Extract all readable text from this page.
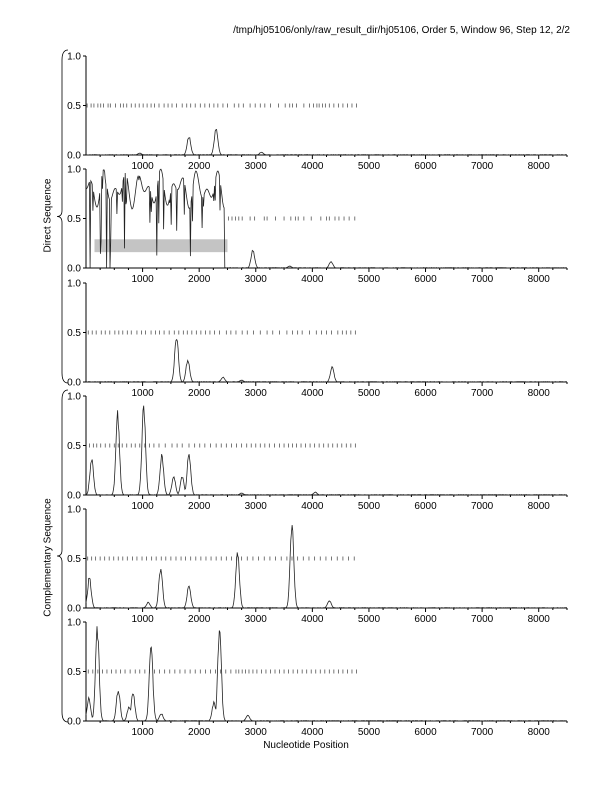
/tmp/hj05106/only/raw_result_dir/hj05106, Order 5, Window 96, Step 12, 2/2
0.0
0.5
1.0
1000	2000	3000	4000	5000	6000	7000	8000
0.0
0.5
1.0
1000	2000	3000	4000	5000	6000	7000	8000
0.0
0.5
1.0
1000	2000	3000	4000	5000	6000	7000	8000
0.0
0.5
1.0
1000	2000	3000	4000	5000	6000	7000	8000
0.0
0.5
1.0
1000	2000	3000	4000	5000	6000	7000	8000
0.0
0.5
1.0
1000	2000	3000	4000	5000	6000	7000	8000
Direct Sequence
Complementary Sequence
Nucleotide Position
